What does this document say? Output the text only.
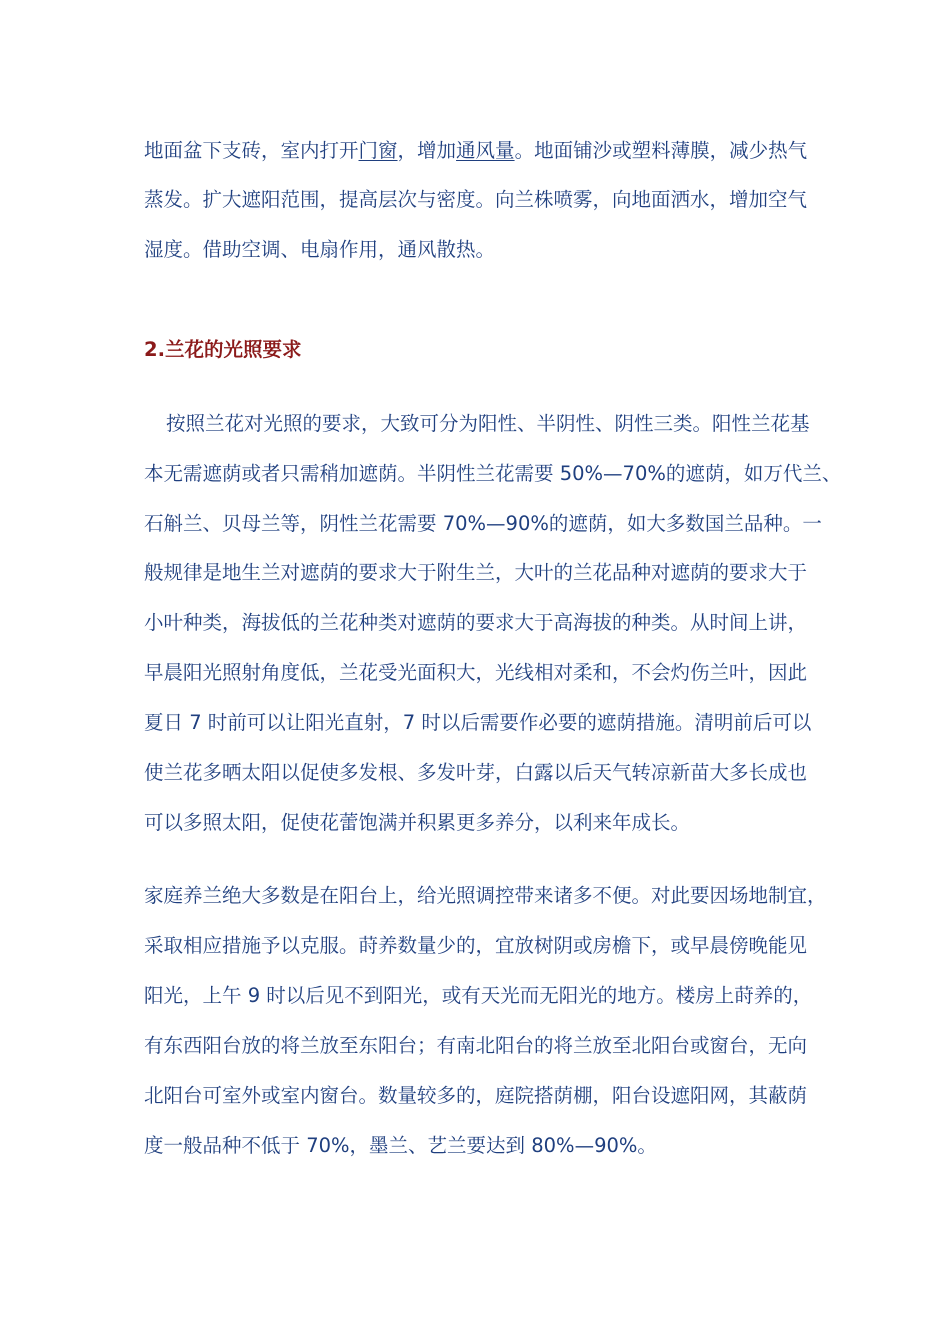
地面盆下支砖，室内打开门窗，增加通风量。地面铺沙或塑料薄膜，减少热气
蒸发。扩大遮阳范围，提高层次与密度。向兰株喷雾，向地面洒水，增加空气
湿度。借助空调、电扇作用，通风散热。
2.兰花的光照要求
按照兰花对光照的要求，大致可分为阳性、半阴性、阴性三类。阳性兰花基
本无需遮荫或者只需稍加遮荫。半阴性兰花需要 50%—70%的遮荫，如万代兰、
石斛兰、贝母兰等，阴性兰花需要 70%—90%的遮荫，如大多数国兰品种。一
般规律是地生兰对遮荫的要求大于附生兰，大叶的兰花品种对遮荫的要求大于
小叶种类，海拔低的兰花种类对遮荫的要求大于高海拔的种类。从时间上讲，
早晨阳光照射角度低，兰花受光面积大，光线相对柔和，不会灼伤兰叶，因此
夏日 7 时前可以让阳光直射，7 时以后需要作必要的遮荫措施。清明前后可以
使兰花多晒太阳以促使多发根、多发叶芽，白露以后天气转凉新苗大多长成也
可以多照太阳，促使花蕾饱满并积累更多养分，以利来年成长。
家庭养兰绝大多数是在阳台上，给光照调控带来诸多不便。对此要因场地制宜，
采取相应措施予以克服。莳养数量少的，宜放树阴或房檐下，或早晨傍晚能见
阳光，上午 9 时以后见不到阳光，或有天光而无阳光的地方。楼房上莳养的，
有东西阳台放的将兰放至东阳台；有南北阳台的将兰放至北阳台或窗台，无向
北阳台可室外或室内窗台。数量较多的，庭院搭荫棚，阳台设遮阳网，其蔽荫
度一般品种不低于 70%，墨兰、艺兰要达到 80%—90%。
